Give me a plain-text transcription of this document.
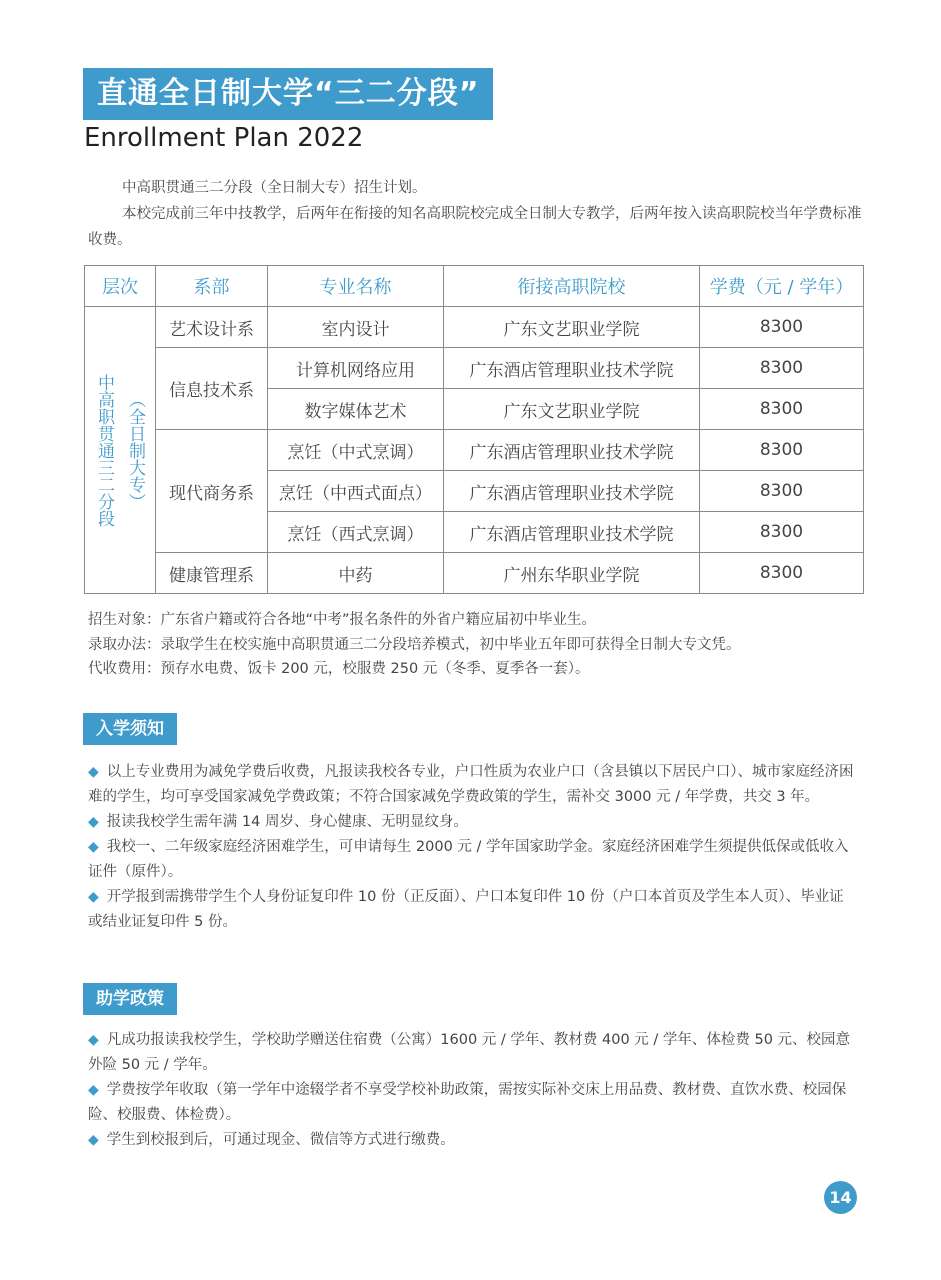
直通全日制大学“三二分段”
Enrollment Plan 2022

中高职贯通三二分段（全日制大专）招生计划。

本校完成前三年中技教学，后两年在衔接的知名高职院校完成全日制大专教学，后两年按入读高职院校当年学费标准收费。

层次	系部	专业名称	衔接高职院校	学费（元 / 学年）

中高职贯通三二分段 （全日制大专）	艺术设计系	室内设计	广东文艺职业学院	8300
	信息技术系	计算机网络应用	广东酒店管理职业技术学院	8300
		数字媒体艺术	广东文艺职业学院	8300
	现代商务系	烹饪（中式烹调）	广东酒店管理职业技术学院	8300
		烹饪（中西式面点）	广东酒店管理职业技术学院	8300
		烹饪（西式烹调）	广东酒店管理职业技术学院	8300
	健康管理系	中药	广州东华职业学院	8300

招生对象：广东省户籍或符合各地“中考”报名条件的外省户籍应届初中毕业生。

录取办法：录取学生在校实施中高职贯通三二分段培养模式，初中毕业五年即可获得全日制大专文凭。

代收费用：预存水电费、饭卡 200 元，校服费 250 元（冬季、夏季各一套）。

入学须知

◆ 以上专业费用为减免学费后收费，凡报读我校各专业，户口性质为农业户口（含县镇以下居民户口）、城市家庭经济困难的学生，均可享受国家减免学费政策；不符合国家减免学费政策的学生，需补交 3000 元 / 年学费，共交 3 年。

◆ 报读我校学生需年满 14 周岁、身心健康、无明显纹身。

◆ 我校一、二年级家庭经济困难学生，可申请每生 2000 元 / 学年国家助学金。家庭经济困难学生须提供低保或低收入证件（原件）。

◆ 开学报到需携带学生个人身份证复印件 10 份（正反面）、户口本复印件 10 份（户口本首页及学生本人页）、毕业证或结业证复印件 5 份。

助学政策

◆ 凡成功报读我校学生，学校助学赠送住宿费（公寓）1600 元 / 学年、教材费 400 元 / 学年、体检费 50 元、校园意外险 50 元 / 学年。

◆ 学费按学年收取（第一学年中途辍学者不享受学校补助政策，需按实际补交床上用品费、教材费、直饮水费、校园保险、校服费、体检费）。

◆ 学生到校报到后，可通过现金、微信等方式进行缴费。

14
